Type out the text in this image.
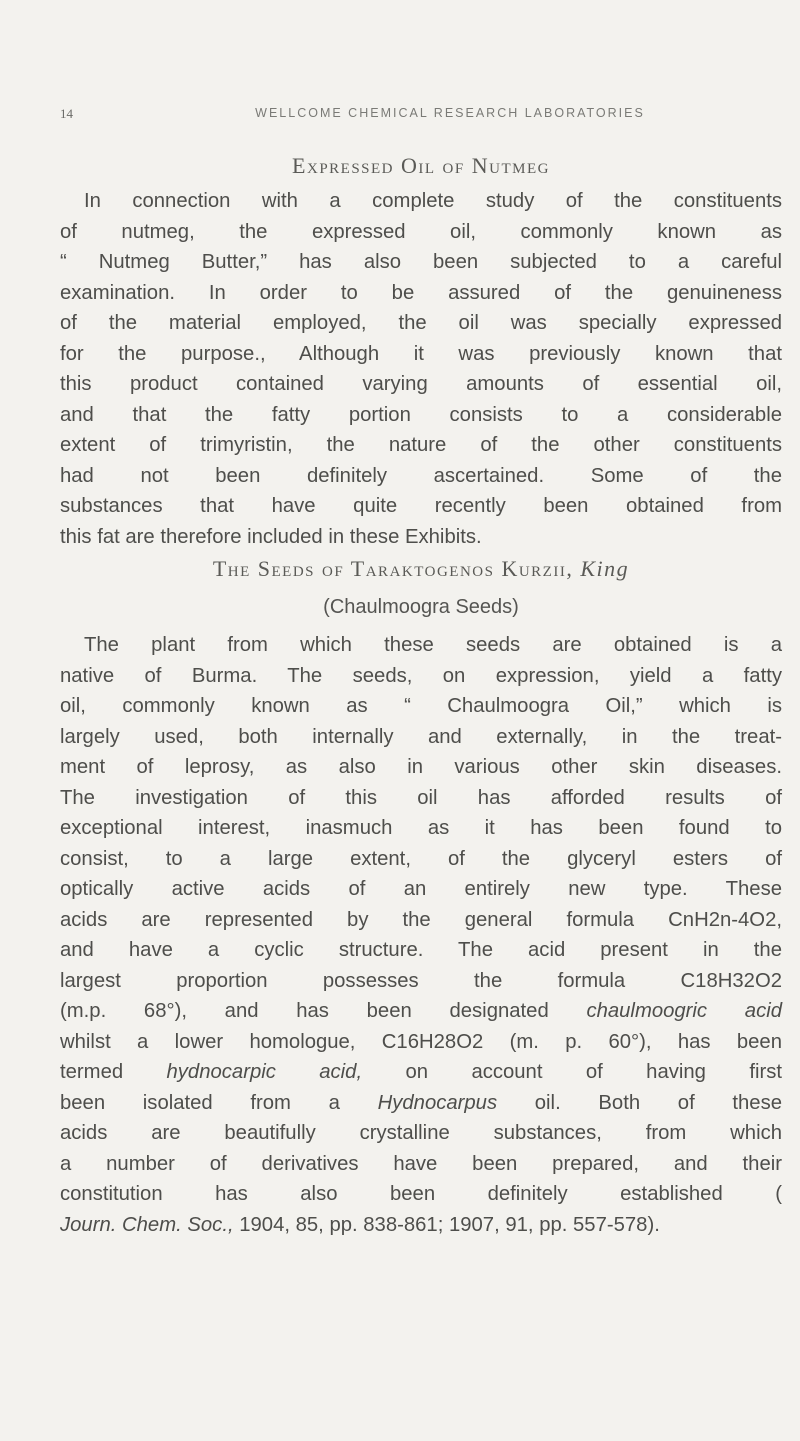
14	WELLCOME CHEMICAL RESEARCH LABORATORIES
Expressed Oil of Nutmeg
In connection with a complete study of the constituents
of nutmeg, the expressed oil, commonly known as
“ Nutmeg Butter,” has also been subjected to a careful
examination. In order to be assured of the genuineness
of the material employed, the oil was specially expressed
for the purpose., Although it was previously known that
this product contained varying amounts of essential oil,
and that the fatty portion consists to a considerable
extent of trimyristin, the nature of the other constituents
had not been definitely ascertained. Some of the
substances that have quite recently been obtained from
this fat are therefore included in these Exhibits.
The Seeds of Taraktogenos Kurzii, King
(Chaulmoogra Seeds)
The plant from which these seeds are obtained is a
native of Burma. The seeds, on expression, yield a fatty
oil, commonly known as “ Chaulmoogra Oil,” which is
largely used, both internally and externally, in the treat-
ment of leprosy, as also in various other skin diseases.
The investigation of this oil has afforded results of
exceptional interest, inasmuch as it has been found to
consist, to a large extent, of the glyceryl esters of
optically active acids of an entirely new type. These
acids are represented by the general formula CnH2n-4O2,
and have a cyclic structure. The acid present in the
largest proportion possesses the formula C18H32O2
(m.p. 68°), and has been designated chaulmoogric acid
whilst a lower homologue, C16H28O2 (m. p. 60°), has been
termed hydnocarpic acid, on account of having first
been isolated from a Hydnocarpus oil. Both of these
acids are beautifully crystalline substances, from which
a number of derivatives have been prepared, and their
constitution has also been definitely established (
Journ. Chem. Soc., 1904, 85, pp. 838-861; 1907, 91, pp. 557-578).
